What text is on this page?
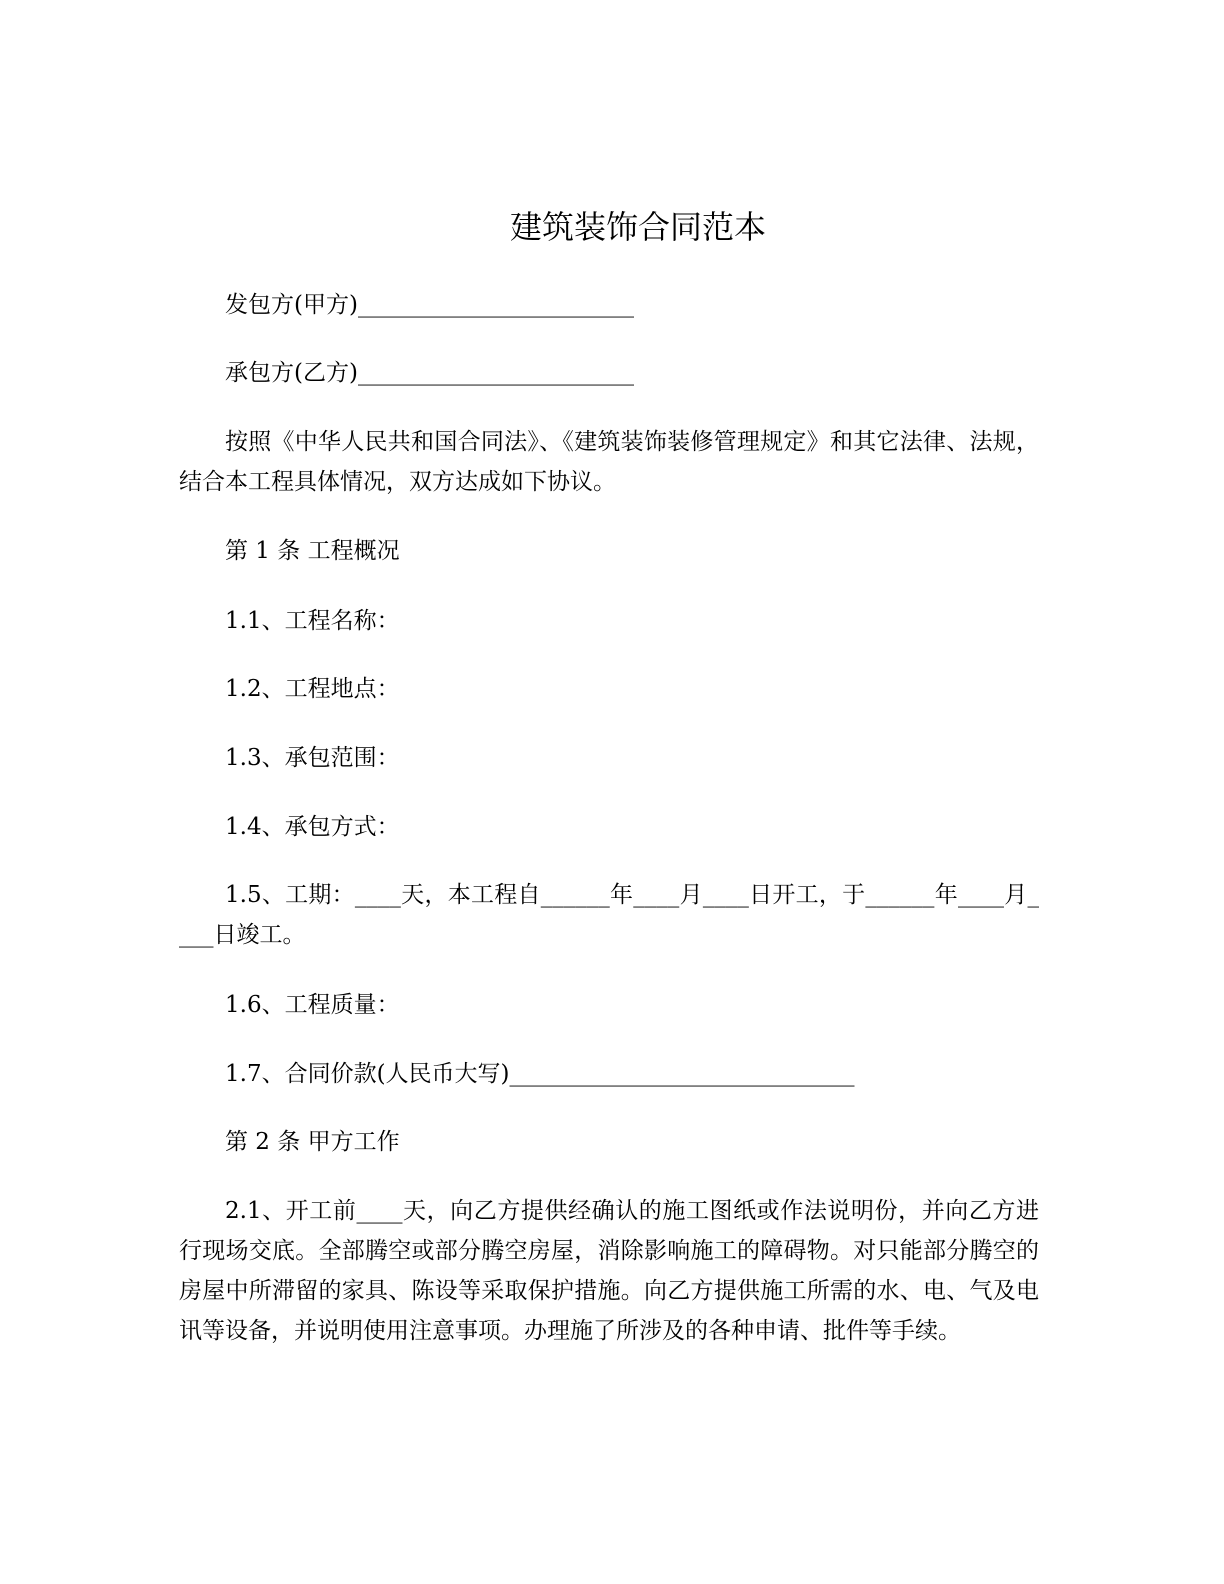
建筑装饰合同范本
发包方(甲方)________________________
承包方(乙方)________________________
按照《中华人民共和国合同法》、《建筑装饰装修管理规定》和其它法律、法规，结合本工程具体情况，双方达成如下协议。
第 1 条 工程概况
1.1、工程名称：
1.2、工程地点：
1.3、承包范围：
1.4、承包方式：
1.5、工期：____天，本工程自______年____月____日开工，于______年____月____日竣工。
1.6、工程质量：
1.7、合同价款(人民币大写)______________________________
第 2 条 甲方工作
2.1、开工前____天，向乙方提供经确认的施工图纸或作法说明份，并向乙方进行现场交底。全部腾空或部分腾空房屋，消除影响施工的障碍物。对只能部分腾空的房屋中所滞留的家具、陈设等采取保护措施。向乙方提供施工所需的水、电、气及电讯等设备，并说明使用注意事项。办理施了所涉及的各种申请、批件等手续。
